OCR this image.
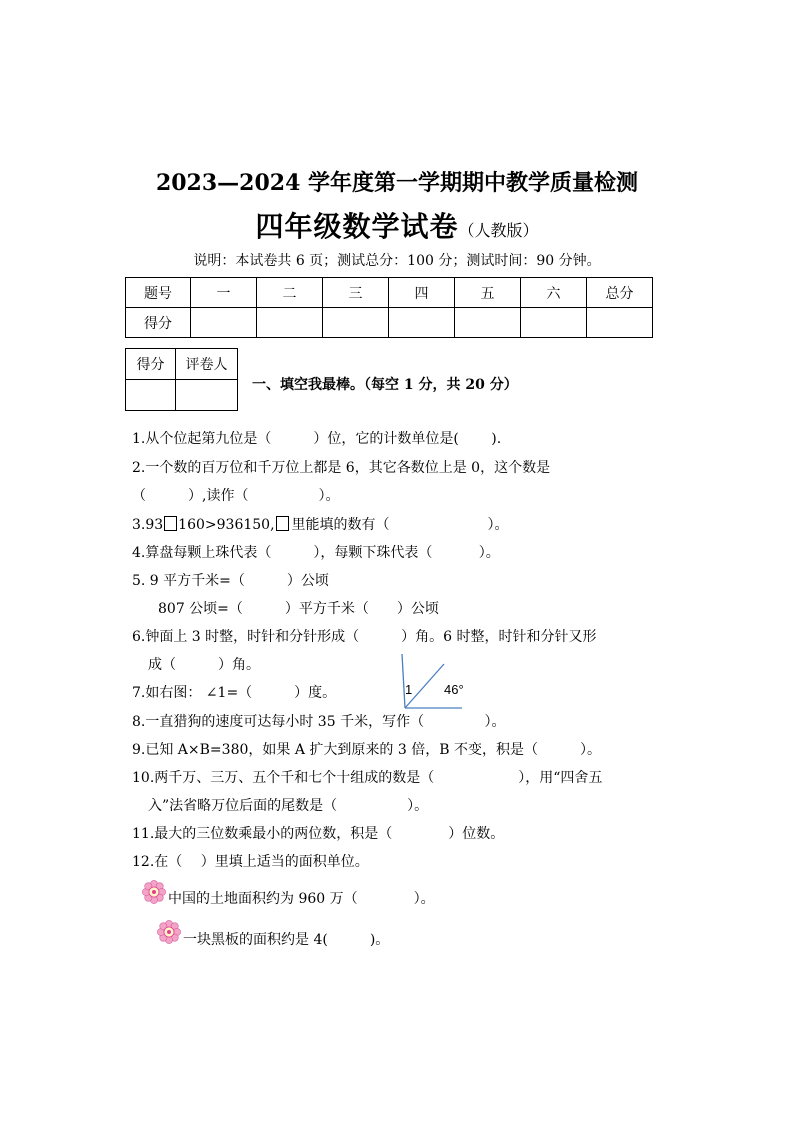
2023—2024 学年度第一学期期中教学质量检测
四年级数学试卷（人教版）
说明：本试卷共 6 页；测试总分：100 分；测试时间：90 分钟。
题号	一	二	三	四	五	六	总分
得分							
得分	评卷人

一、填空我最棒。（每空 1 分，共 20 分）
1.从个位起第九位是（　　　）位，它的计数单位是(　　 ).
2.一个数的百万位和千万位上都是 6，其它各数位上是 0，这个数是
（　　　）,读作（　　　　　）。
3.93 160>936150, 里能填的数有（　　　　　　　）。
4.算盘每颗上珠代表（　　　），每颗下珠代表（　　　 ）。
5. 9 平方千米=（　　　）公顷
807 公顷=（　　　）平方千米（　　）公顷
6.钟面上 3 时整，时针和分针形成（　　　）角。6 时整，时针和分针又形
成（　　　）角。
7.如右图： ∠1=（　　　）度。	1 46°
8.一直猎狗的速度可达每小时 35 千米，写作（　　　　 ）。
9.已知 A×B=380，如果 A 扩大到原来的 3 倍，B 不变，积是（　　　）。
10.两千万、三万、五个千和七个十组成的数是（　　　　　　），用“四舍五
入”法省略万位后面的尾数是（　　　　　）。
11.最大的三位数乘最小的两位数，积是（　　　　）位数。
12.在（　 ）里填上适当的面积单位。
中国的土地面积约为 960 万（　　　　）。
一块黑板的面积约是 4(　　　)。
